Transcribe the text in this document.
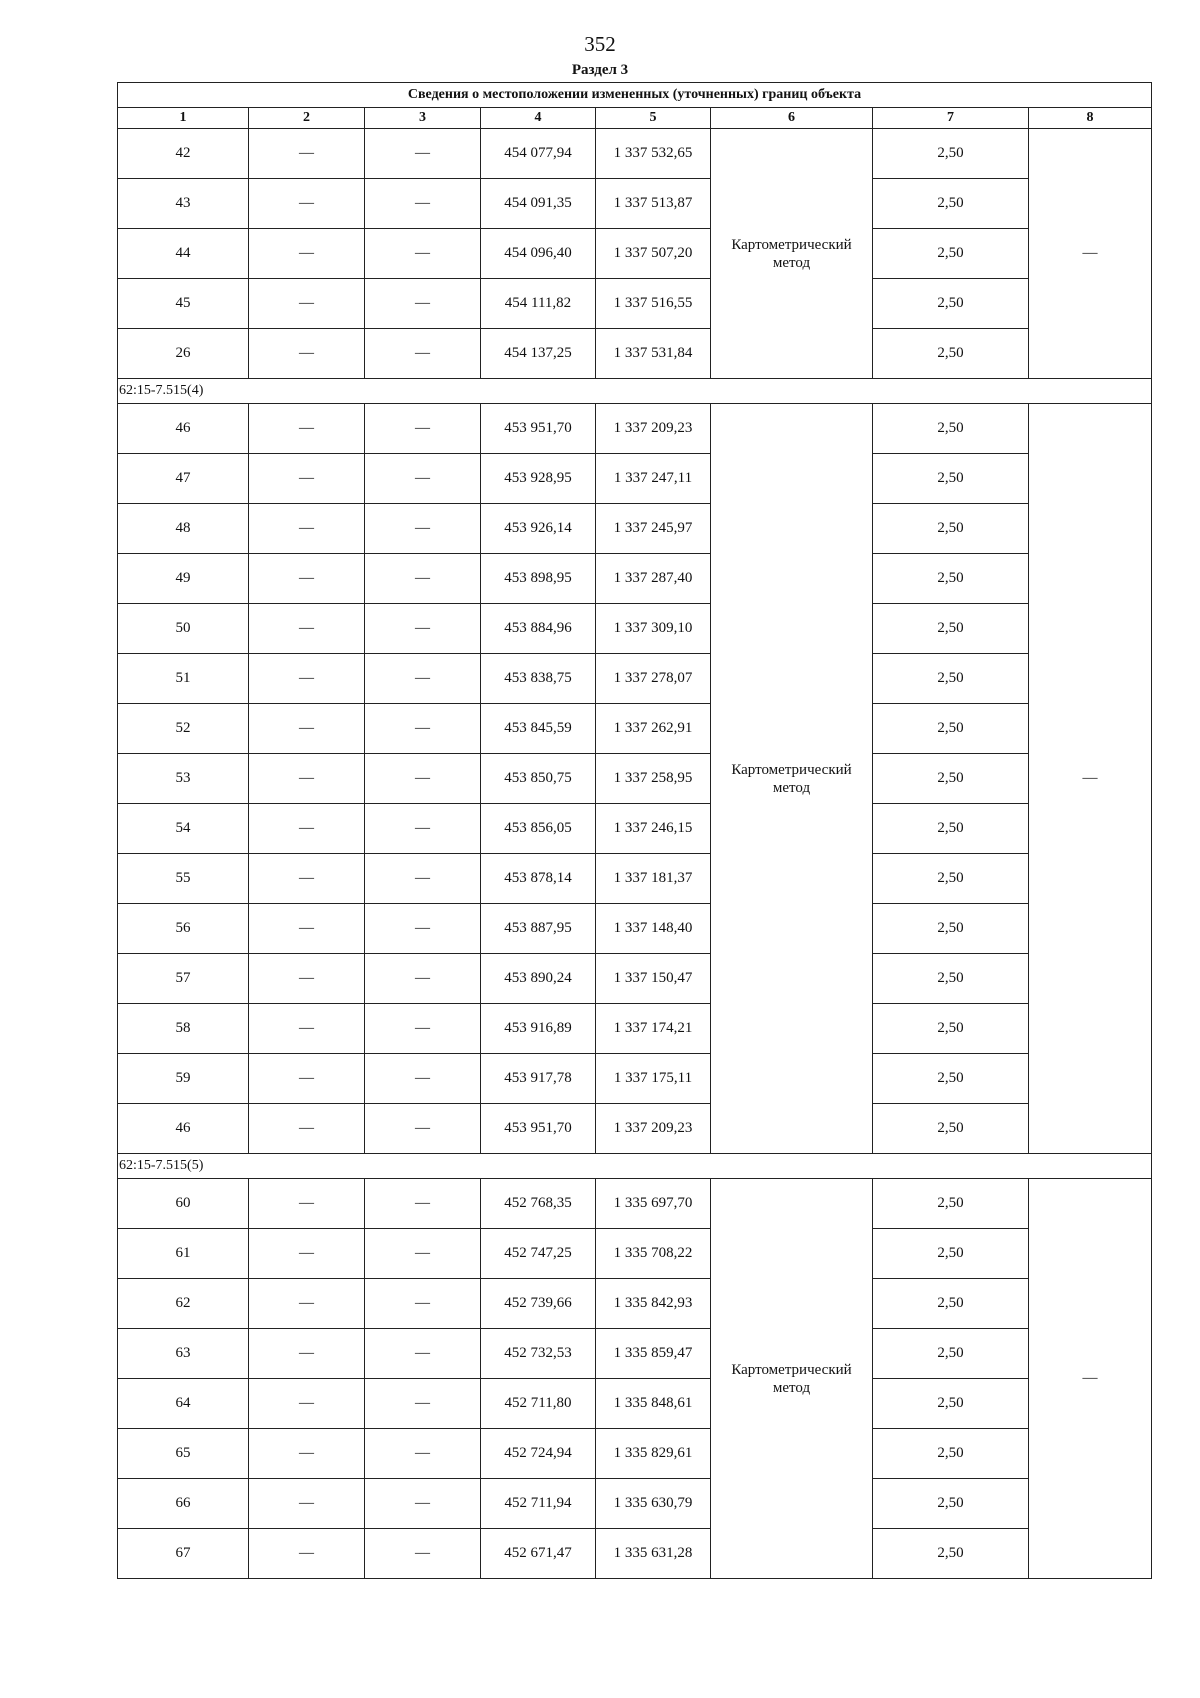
352
Раздел 3
Сведения о местоположении измененных (уточненных) границ объекта							
1	2	3	4	5	6	7	8
42	—	—	454 077,94	1 337 532,65	Картометрический метод	2,50	—
43	—	—	454 091,35	1 337 513,87		2,50	
44	—	—	454 096,40	1 337 507,20		2,50	
45	—	—	454 111,82	1 337 516,55		2,50	
26	—	—	454 137,25	1 337 531,84		2,50	
62:15-7.515(4)							
46	—	—	453 951,70	1 337 209,23	Картометрический метод	2,50	—
47	—	—	453 928,95	1 337 247,11		2,50	
48	—	—	453 926,14	1 337 245,97		2,50	
49	—	—	453 898,95	1 337 287,40		2,50	
50	—	—	453 884,96	1 337 309,10		2,50	
51	—	—	453 838,75	1 337 278,07		2,50	
52	—	—	453 845,59	1 337 262,91		2,50	
53	—	—	453 850,75	1 337 258,95		2,50	
54	—	—	453 856,05	1 337 246,15		2,50	
55	—	—	453 878,14	1 337 181,37		2,50	
56	—	—	453 887,95	1 337 148,40		2,50	
57	—	—	453 890,24	1 337 150,47		2,50	
58	—	—	453 916,89	1 337 174,21		2,50	
59	—	—	453 917,78	1 337 175,11		2,50	
46	—	—	453 951,70	1 337 209,23		2,50	
62:15-7.515(5)							
60	—	—	452 768,35	1 335 697,70	Картометрический метод	2,50	—
61	—	—	452 747,25	1 335 708,22		2,50	
62	—	—	452 739,66	1 335 842,93		2,50	
63	—	—	452 732,53	1 335 859,47		2,50	
64	—	—	452 711,80	1 335 848,61		2,50	
65	—	—	452 724,94	1 335 829,61		2,50	
66	—	—	452 711,94	1 335 630,79		2,50	
67	—	—	452 671,47	1 335 631,28		2,50	
